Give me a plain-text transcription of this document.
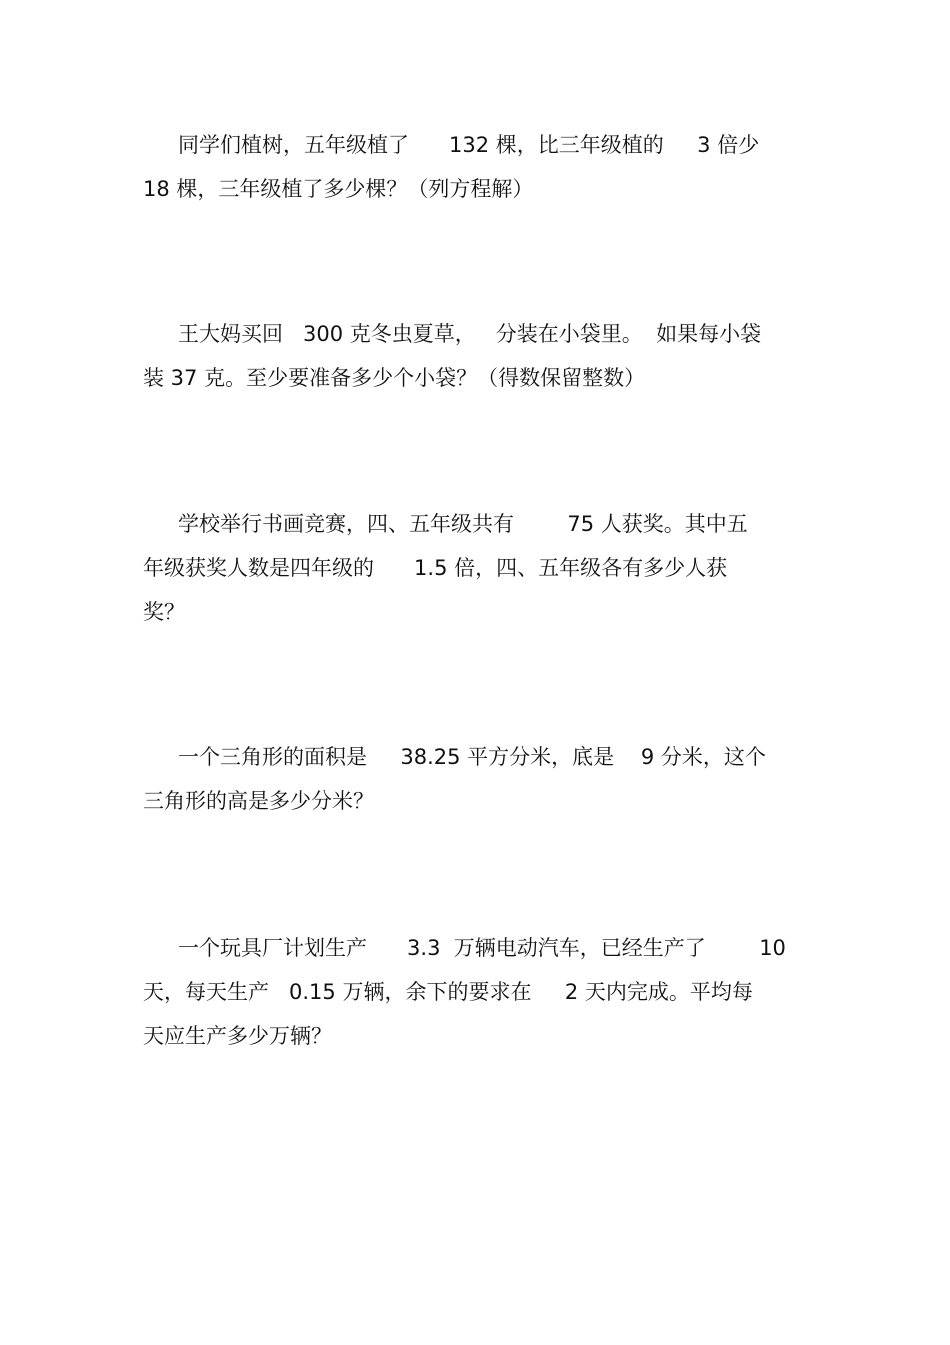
同学们植树，五年级植了      132 棵，比三年级植的     3 倍少
18 棵，三年级植了多少棵？（列方程解）
王大妈买回   300 克冬虫夏草，   分装在小袋里。  如果每小袋
装 37 克。至少要准备多少个小袋？（得数保留整数）
学校举行书画竞赛，四、五年级共有        75 人获奖。其中五
年级获奖人数是四年级的      1.5 倍，四、五年级各有多少人获
奖？
一个三角形的面积是     38.25 平方分米，底是    9 分米，这个
三角形的高是多少分米？
一个玩具厂计划生产      3.3  万辆电动汽车，已经生产了        10
天，每天生产   0.15 万辆，余下的要求在     2 天内完成。平均每
天应生产多少万辆？
